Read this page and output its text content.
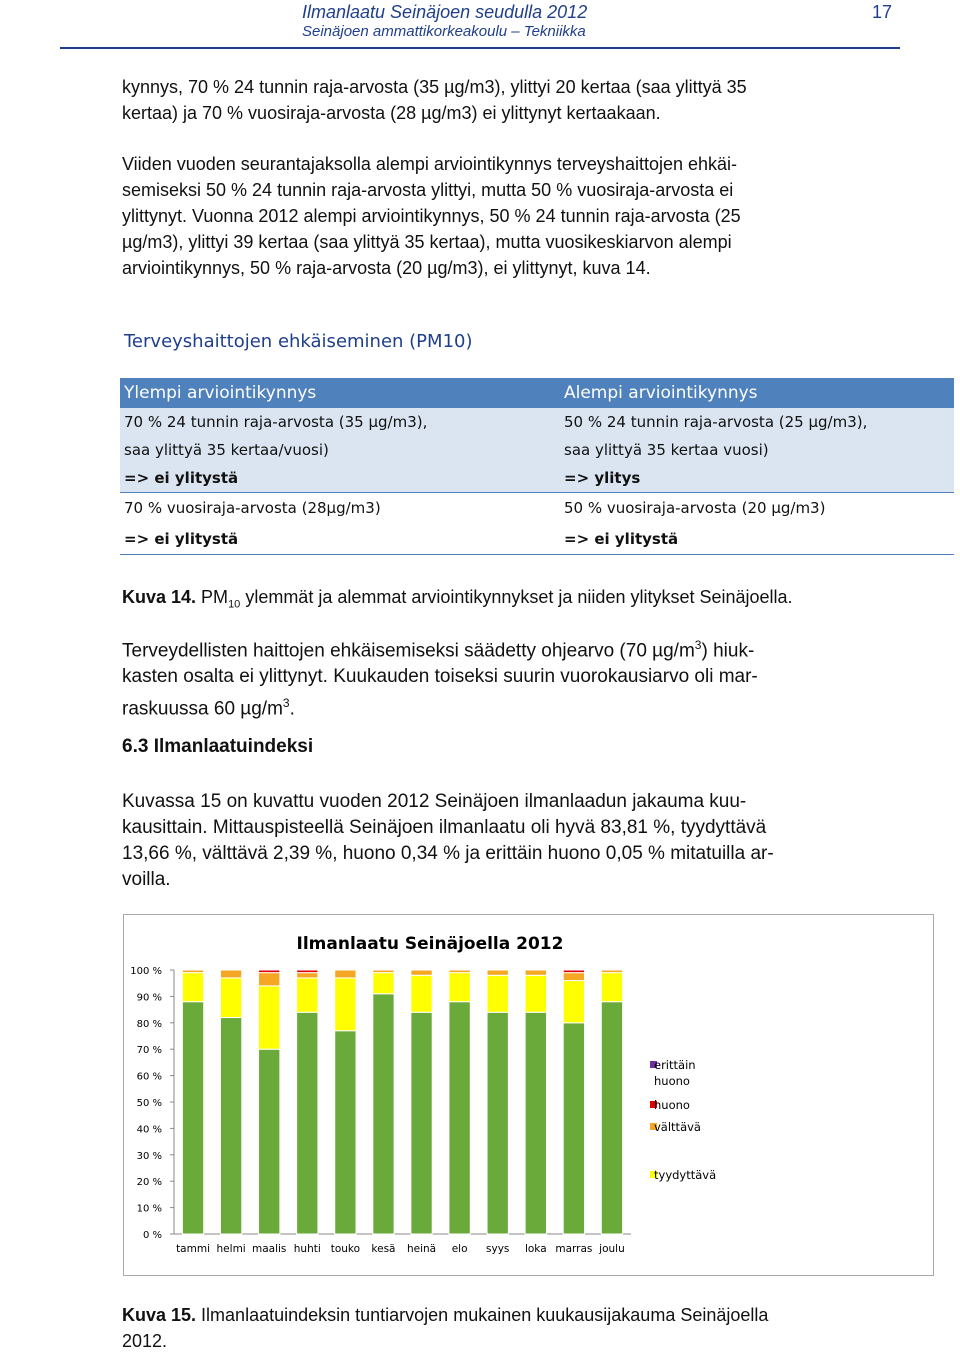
Ilmanlaatu Seinäjoen seudulla 2012
Seinäjoen ammattikorkeakoulu – Tekniikka
17
kynnys, 70 % 24 tunnin raja-arvosta (35 µg/m3), ylittyi 20 kertaa (saa ylittyä 35
kertaa) ja 70 % vuosiraja-arvosta (28 µg/m3) ei ylittynyt kertaakaan.
Viiden vuoden seurantajaksolla alempi arviointikynnys terveyshaittojen ehkäi-
semiseksi 50 % 24 tunnin raja-arvosta ylittyi, mutta 50 % vuosiraja-arvosta ei
ylittynyt. Vuonna 2012 alempi arviointikynnys, 50 % 24 tunnin raja-arvosta (25
µg/m3), ylittyi 39 kertaa (saa ylittyä 35 kertaa), mutta vuosikeskiarvon alempi
arviointikynnys, 50 % raja-arvosta (20 µg/m3), ei ylittynyt, kuva 14.
Terveyshaittojen ehkäiseminen (PM10)
Ylempi arviointikynnys	Alempi arviointikynnys
70 % 24 tunnin raja-arvosta (35 µg/m3),	50 % 24 tunnin raja-arvosta (25 µg/m3),
saa ylittyä 35 kertaa/vuosi)	saa ylittyä 35 kertaa vuosi)
=> ei ylitystä	=> ylitys
70 % vuosiraja-arvosta (28µg/m3)	50 % vuosiraja-arvosta (20 µg/m3)
=> ei ylitystä	=> ei ylitystä
Kuva 14. $PM_{10}$ ylemmät ja alemmat arviointikynnykset ja niiden ylitykset Seinäjoella.
Terveydellisten haittojen ehkäisemiseksi säädetty ohjearvo (70 $\mu g/m^3$) hiuk-
kasten osalta ei ylittynyt. Kuukauden toiseksi suurin vuorokausiarvo oli mar-
raskuussa 60 $\mu g/m^3$.
6.3 Ilmanlaatuindeksi
Kuvassa 15 on kuvattu vuoden 2012 Seinäjoen ilmanlaadun jakauma kuu-
kausittain. Mittauspisteellä Seinäjoen ilmanlaatu oli hyvä 83,81 %, tyydyttävä
13,66 %, välttävä 2,39 %, huono 0,34 % ja erittäin huono 0,05 % mitatuilla ar-
voilla.
Ilmanlaatu Seinäjoella 2012
0 %
10 %
20 %
30 %
40 %
50 %
60 %
70 %
80 %
90 %
100 %
tammi helmi maalis huhti touko kesä heinä elo syys loka marras joulu
erittäin
huono
huono
välttävä
tyydyttävä
Kuva 15. Ilmanlaatuindeksin tuntiarvojen mukainen kuukausijakauma Seinäjoella
2012.
